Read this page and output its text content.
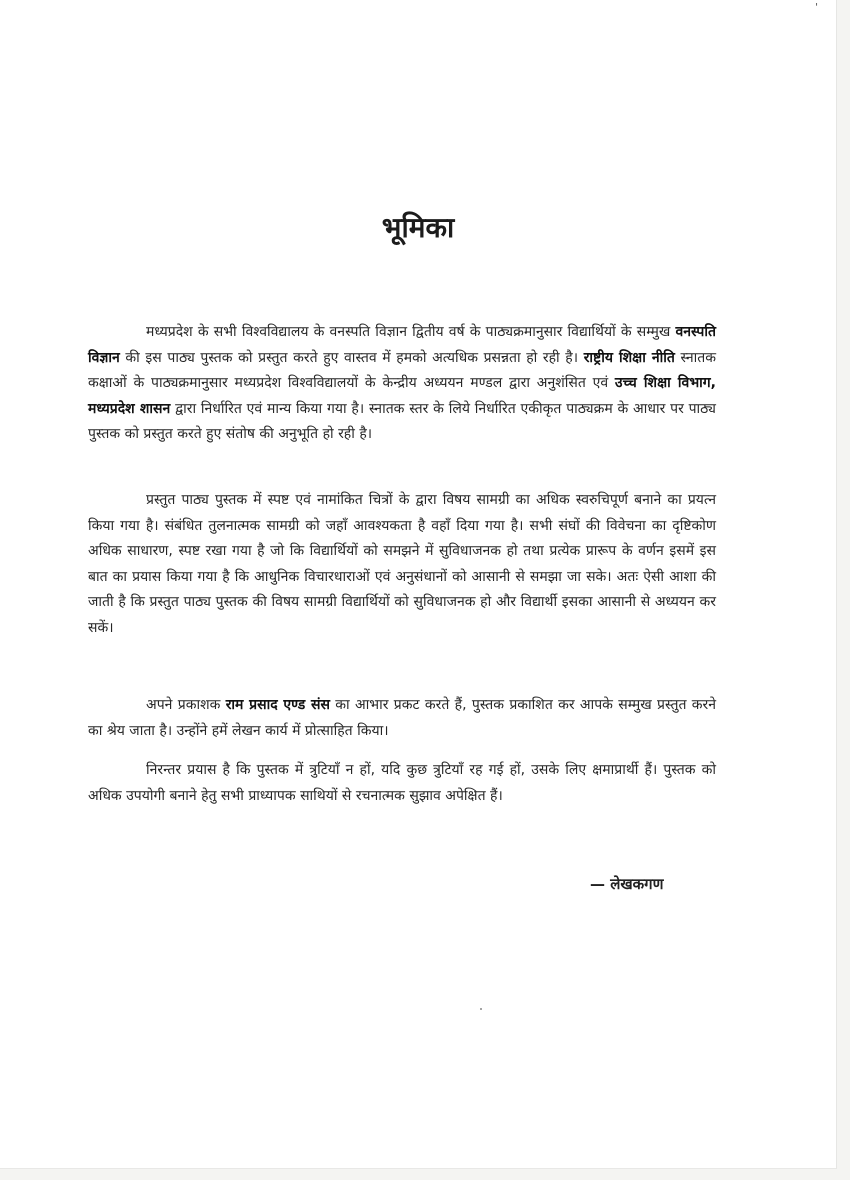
'
भूमिका

मध्यप्रदेश के सभी विश्वविद्यालय के वनस्पति विज्ञान द्वितीय वर्ष के पाठ्यक्रमानुसार विद्यार्थियों के सम्मुख वनस्पति विज्ञान की इस पाठ्य पुस्तक को प्रस्तुत करते हुए वास्तव में हमको अत्यधिक प्रसन्नता हो रही है। राष्ट्रीय शिक्षा नीति स्नातक कक्षाओं के पाठ्यक्रमानुसार मध्यप्रदेश विश्वविद्यालयों के केन्द्रीय अध्ययन मण्डल द्वारा अनुशंसित एवं उच्च शिक्षा विभाग, मध्यप्रदेश शासन द्वारा निर्धारित एवं मान्य किया गया है। स्नातक स्तर के लिये निर्धारित एकीकृत पाठ्यक्रम के आधार पर पाठ्य पुस्तक को प्रस्तुत करते हुए संतोष की अनुभूति हो रही है।

प्रस्तुत पाठ्य पुस्तक में स्पष्ट एवं नामांकित चित्रों के द्वारा विषय सामग्री का अधिक स्वरुचिपूर्ण बनाने का प्रयत्न किया गया है। संबंधित तुलनात्मक सामग्री को जहाँ आवश्यकता है वहाँ दिया गया है। सभी संघों की विवेचना का दृष्टिकोण अधिक साधारण, स्पष्ट रखा गया है जो कि विद्यार्थियों को समझने में सुविधाजनक हो तथा प्रत्येक प्रारूप के वर्णन इसमें इस बात का प्रयास किया गया है कि आधुनिक विचारधाराओं एवं अनुसंधानों को आसानी से समझा जा सके। अतः ऐसी आशा की जाती है कि प्रस्तुत पाठ्य पुस्तक की विषय सामग्री विद्यार्थियों को सुविधाजनक हो और विद्यार्थी इसका आसानी से अध्ययन कर सकें।

अपने प्रकाशक राम प्रसाद एण्ड संस का आभार प्रकट करते हैं, पुस्तक प्रकाशित कर आपके सम्मुख प्रस्तुत करने का श्रेय जाता है। उन्होंने हमें लेखन कार्य में प्रोत्साहित किया।

निरन्तर प्रयास है कि पुस्तक में त्रुटियाँ न हों, यदि कुछ त्रुटियाँ रह गई हों, उसके लिए क्षमाप्रार्थी हैं। पुस्तक को अधिक उपयोगी बनाने हेतु सभी प्राध्यापक साथियों से रचनात्मक सुझाव अपेक्षित हैं।

— लेखकगण
